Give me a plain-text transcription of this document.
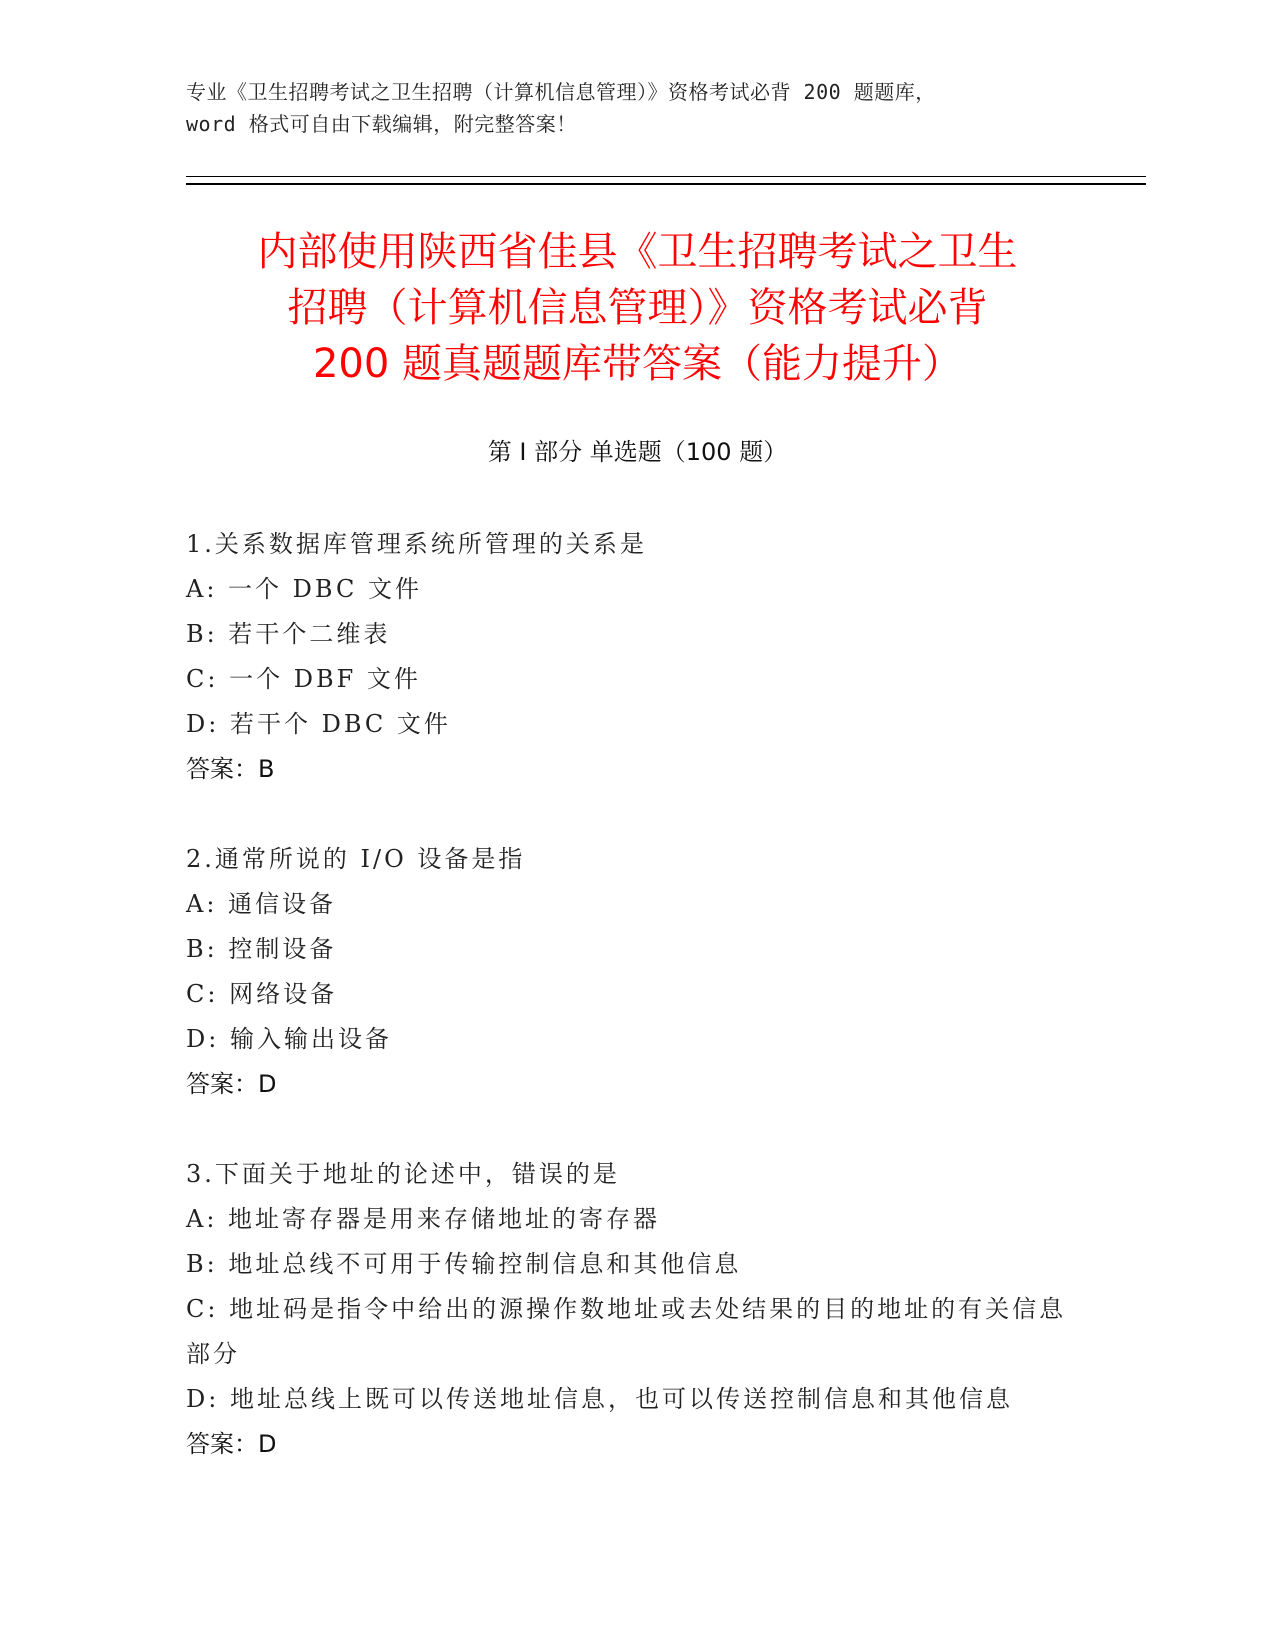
专业《卫生招聘考试之卫生招聘（计算机信息管理）》资格考试必背 200 题题库，
word 格式可自由下载编辑，附完整答案！
内部使用陕西省佳县《卫生招聘考试之卫生
招聘（计算机信息管理）》资格考试必背
200 题真题题库带答案（能力提升）
第 I 部分 单选题（100 题）
1.关系数据库管理系统所管理的关系是
A: 一个 DBC 文件
B: 若干个二维表
C: 一个 DBF 文件
D: 若干个 DBC 文件
答案：B
2.通常所说的 I/O 设备是指
A: 通信设备
B: 控制设备
C: 网络设备
D: 输入输出设备
答案：D
3.下面关于地址的论述中，错误的是
A: 地址寄存器是用来存储地址的寄存器
B: 地址总线不可用于传输控制信息和其他信息
C: 地址码是指令中给出的源操作数地址或去处结果的目的地址的有关信息部分
D: 地址总线上既可以传送地址信息，也可以传送控制信息和其他信息
答案：D
